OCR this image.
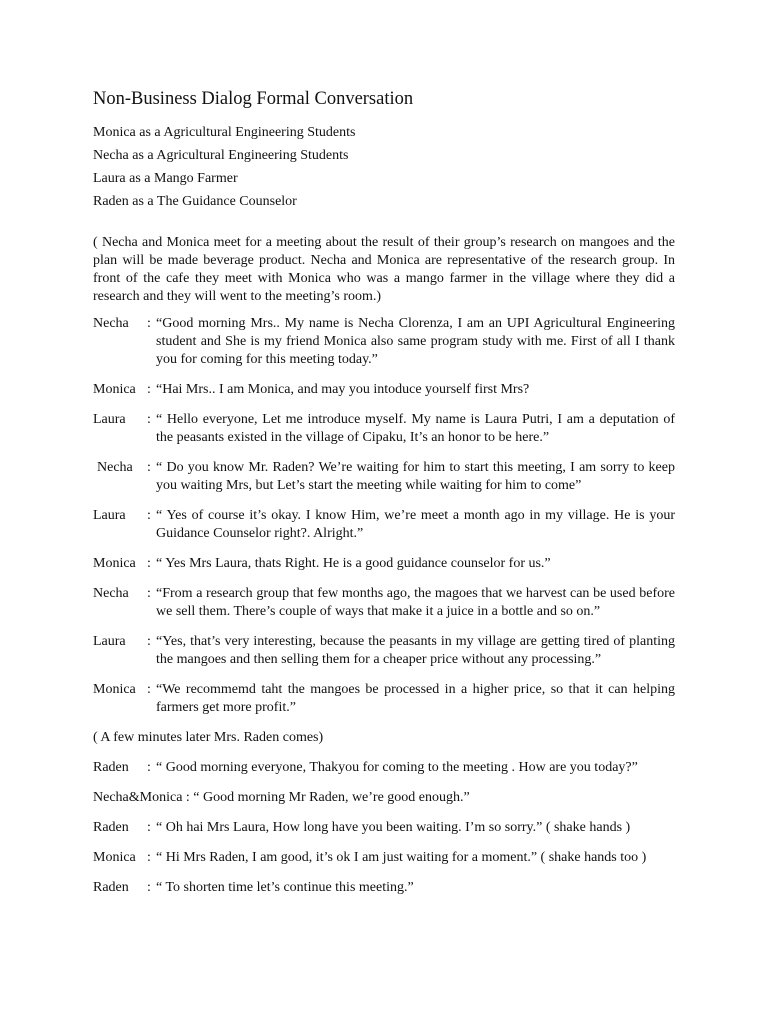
Non-Business Dialog Formal Conversation

Monica as a Agricultural Engineering Students

Necha as a Agricultural Engineering Students

Laura as a Mango Farmer

Raden as a The Guidance Counselor

( Necha and Monica meet for a meeting about the result of their group’s research on mangoes and the plan will be made beverage product. Necha and Monica are representative of the research group. In front of the cafe they meet with Monica who was a mango farmer in the village where they did a research and they will went to the meeting’s room.)

Necha	: “Good morning Mrs.. My name is Necha Clorenza, I am an UPI Agricultural Engineering student and She is my friend Monica also same program study with me. First of all I thank you for coming for this meeting today.”
Monica : “Hai Mrs.. I am Monica, and may you intoduce yourself first Mrs?
Laura	: “ Hello everyone, Let me introduce myself. My name is Laura Putri, I am a deputation of the peasants existed in the village of Cipaku, It’s an honor to be here.”
Necha	: “ Do you know Mr. Raden? We’re waiting for him to start this meeting, I am sorry to keep you waiting Mrs, but Let’s start the meeting while waiting for him to come”
Laura	: “ Yes of course it’s okay. I know Him, we’re meet a month ago in my village. He is your Guidance Counselor right?. Alright.”
Monica : “ Yes Mrs Laura, thats Right. He is a good guidance counselor for us.”
Necha	: “From a research group that few months ago, the magoes that we harvest can be used before we sell them. There’s couple of ways that make it a juice in a bottle and so on.”
Laura	: “Yes, that’s very interesting, because the peasants in my village are getting tired of planting the mangoes and then selling them for a cheaper price without any processing.”
Monica : “We recommemd taht the mangoes be processed in a higher price, so that it can helping farmers get more profit.”

( A few minutes later Mrs. Raden comes)

Raden	: “ Good morning everyone, Thakyou for coming to the meeting . How are you today?”

Necha&Monica : “ Good morning Mr Raden, we’re good enough.”

Raden	: “ Oh hai Mrs Laura, How long have you been waiting. I’m so sorry.” ( shake hands )
Monica : “ Hi Mrs Raden, I am good, it’s ok I am just waiting for a moment.” ( shake hands too )
Raden	: “ To shorten time let’s continue this meeting.”
